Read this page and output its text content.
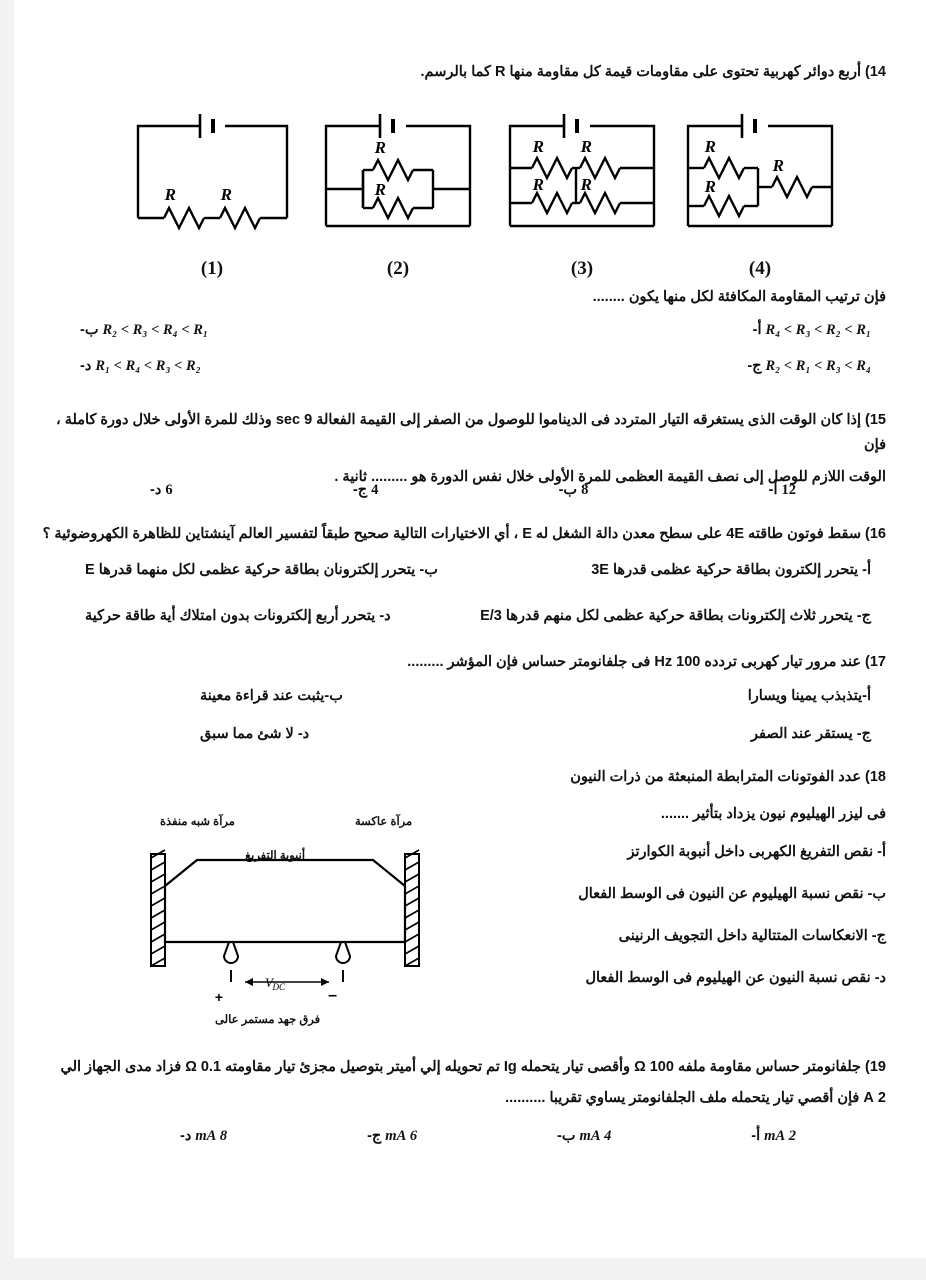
14) أربع دوائر كهربية تحتوى على مقاومات قيمة كل مقاومة منها R كما بالرسم.
R	R
(1)
R
R
(2)
R R
R R
(3)
R
R
R
(4)
فإن ترتيب المقاومة المكافئة لكل منها يكون ........
R₄ < R₃ < R₂ < R₁ أ-
R₂ < R₃ < R₄ < R₁ ب-
R₂ < R₁ < R₃ < R₄ ج-
R₁ < R₄ < R₃ < R₂ د-
15) إذا كان الوقت الذى يستغرقه التيار المتردد فى الديناموا للوصول من الصفر إلى القيمة الفعالة 9 sec وذلك للمرة الأولى خلال دورة كاملة ، فإن
الوقت اللازم للوصل إلى نصف القيمة العظمى للمرة الأولى خلال نفس الدورة هو ......... ثانية .
12 أ-
8 ب-
4 ج-
6 د-
16) سقط فوتون طاقته 4E على سطح معدن دالة الشغل له E ، أي الاختيارات التالية صحيح طبقاً لتفسير العالم آينشتاين للظاهرة الكهروضوئية ؟
أ- يتحرر إلكترون بطاقة حركية عظمى قدرها 3E
ب- يتحرر إلكترونان بطاقة حركية عظمى لكل منهما قدرها E
ج- يتحرر ثلاث إلكترونات بطاقة حركية عظمى لكل منهم قدرها E/3
د- يتحرر أربع إلكترونات بدون امتلاك أية طاقة حركية
17) عند مرور تيار كهربى ترددە 100 Hz فى جلفانومتر حساس فإن المؤشر .........
أ-يتذبذب يمينا ويسارا
ب-يثبت عند قراءة معينة
ج- يستقر عند الصفر
د- لا شئ مما سبق
18) عدد الفوتونات المترابطة المنبعثة من ذرات النيون
فى ليزر الهيليوم نيون يزداد بتأثير .......
أ- نقص التفريغ الكهربى داخل أنبوبة الكوارتز
ب- نقص نسبة الهيليوم عن النيون فى الوسط الفعال
ج- الانعكاسات المتتالية داخل التجويف الرنينى
د- نقص نسبة النيون عن الهيليوم فى الوسط الفعال
V DC
+	–
مرآة عاكسة
مرآة شبه منفذة
أنبوبة التفريغ
فرق جهد مستمر عالى
19) جلفانومتر حساس مقاومة ملفه 100 Ω وأقصى تيار يتحمله Ig تم تحويله إلي أميتر بتوصيل مجزئ تيار مقاومته 0.1 Ω فزاد مدى الجهاز الي
2 A فإن أقصي تيار يتحمله ملف الجلفانومتر يساوي تقريبا ..........
2 mA أ-
4 mA ب-
6 mA ج-
8 mA د-
